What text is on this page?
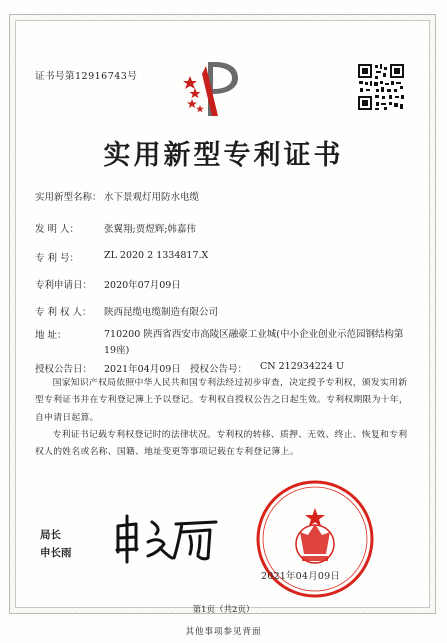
证书号第12916743号
实用新型专利证书
实用新型名称： 水下景观灯用防水电缆
发 明 人：	张翼翔;贾煜辉;韩嘉伟
专 利 号：	ZL 2020 2 1334817.X
专利申请日： 2020年07月09日
专 利 权 人： 陕西昆缆电缆制造有限公司
地 址：	710200 陕西省西安市高陵区融豪工业城(中小企业创业示范园钢结构第19座)
授权公告日： 2021年04月09日 授权公告号： CN 212934224 U

国家知识产权局依照中华人民共和国专利法经过初步审查，决定授予专利权，颁发实用新型专利证书并在专利登记簿上予以登记。专利权自授权公告之日起生效。专利权期限为十年，自申请日起算。

专利证书记载专利权登记时的法律状况。专利权的转移、质押、无效、终止、恢复和专利权人的姓名或名称、国籍、地址变更等事项记载在专利登记簿上。

局长
申长雨
2021年04月09日
第1页（共2页）
其他事项参见背面
